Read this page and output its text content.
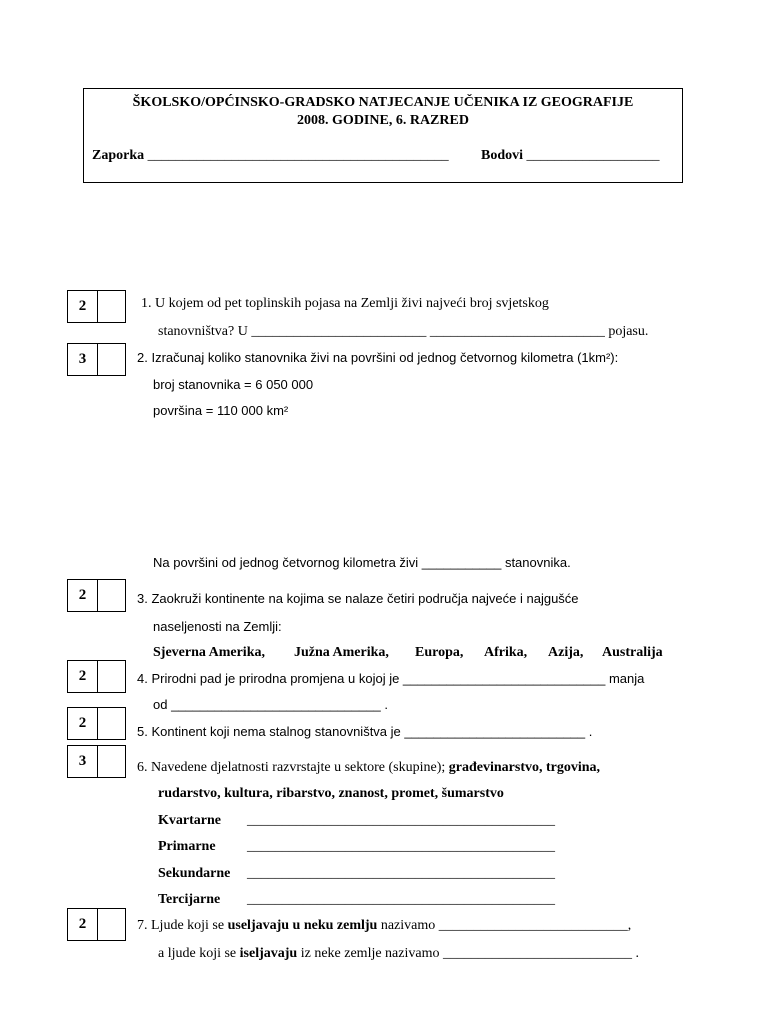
ŠKOLSKO/OPĆINSKO-GRADSKO NATJECANJE UČENIKA IZ GEOGRAFIJE
2008. GODINE, 6. RAZRED
Zaporka ___________________________________________ Bodovi ___________________
2
3
2
2
2
3
2
1. U kojem od pet toplinskih pojasa na Zemlji živi najveći broj svjetskog
stanovništva? U _________________________ _________________________ pojasu.
2. Izračunaj koliko stanovnika živi na površini od jednog četvornog kilometra (1km²):
broj stanovnika = 6 050 000
površina = 110 000 km²
Na površini od jednog četvornog kilometra živi ___________ stanovnika.
3. Zaokruži kontinente na kojima se nalaze četiri područja najveće i najgušće
naseljenosti na Zemlji:
Sjeverna Amerika, Južna Amerika, Europa, Afrika, Azija, Australija
4. Prirodni pad je prirodna promjena u kojoj je ____________________________ manja
od _____________________________ .
5. Kontinent koji nema stalnog stanovništva je _________________________ .
6. Navedene djelatnosti razvrstajte u sektore (skupine); građevinarstvo, trgovina,
rudarstvo, kultura, ribarstvo, znanost, promet, šumarstvo
Kvartarne ____________________________________________
Primarne ____________________________________________
Sekundarne ____________________________________________
Tercijarne ____________________________________________
7. Ljude koji se useljavaju u neku zemlju nazivamo ___________________________,
a ljude koji se iseljavaju iz neke zemlje nazivamo ___________________________ .
